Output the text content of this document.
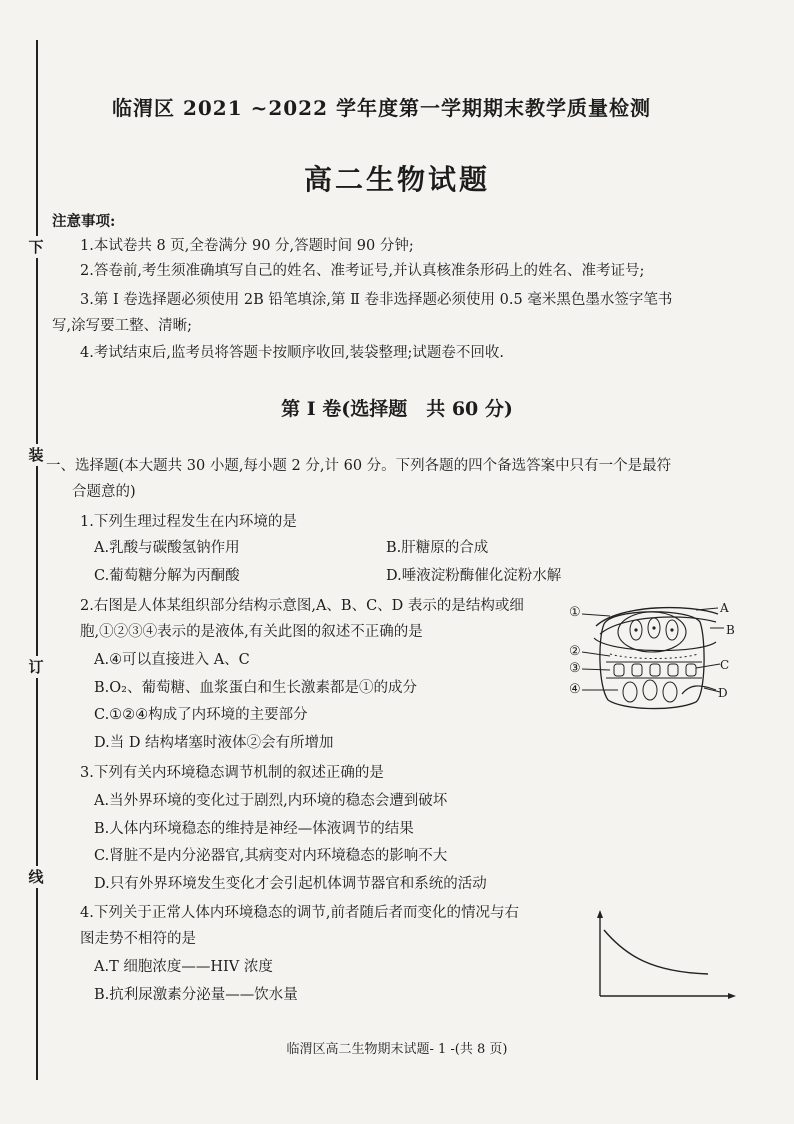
下
装
订
线
临渭区 2021 ~2022 学年度第一学期期末教学质量检测
高二生物试题
注意事项:
1.本试卷共 8 页,全卷满分 90 分,答题时间 90 分钟;
2.答卷前,考生须准确填写自己的姓名、准考证号,并认真核准条形码上的姓名、准考证号;
3.第 Ⅰ 卷选择题必须使用 2B 铅笔填涂,第 Ⅱ 卷非选择题必须使用 0.5 毫米黑色墨水签字笔书
写,涂写要工整、清晰;
4.考试结束后,监考员将答题卡按顺序收回,装袋整理;试题卷不回收.
第 Ⅰ 卷(选择题　共 60 分)
一、选择题(本大题共 30 小题,每小题 2 分,计 60 分。下列各题的四个备选答案中只有一个是最符
合题意的)
1.下列生理过程发生在内环境的是
A.乳酸与碳酸氢钠作用	B.肝糖原的合成
C.葡萄糖分解为丙酮酸	D.唾液淀粉酶催化淀粉水解
2.右图是人体某组织部分结构示意图,A、B、C、D 表示的是结构或细
胞,①②③④表示的是液体,有关此图的叙述不正确的是
A.④可以直接进入 A、C
B.O₂、葡萄糖、血浆蛋白和生长激素都是①的成分
C.①②④构成了内环境的主要部分
D.当 D 结构堵塞时液体②会有所增加
①
②
③
④
A
B
C
D
3.下列有关内环境稳态调节机制的叙述正确的是
A.当外界环境的变化过于剧烈,内环境的稳态会遭到破坏
B.人体内环境稳态的维持是神经—体液调节的结果
C.肾脏不是内分泌器官,其病变对内环境稳态的影响不大
D.只有外界环境发生变化才会引起机体调节器官和系统的活动
4.下列关于正常人体内环境稳态的调节,前者随后者而变化的情况与右
图走势不相符的是
A.T 细胞浓度——HIV 浓度
B.抗利尿激素分泌量——饮水量
临渭区高二生物期末试题- 1 -(共 8 页)
